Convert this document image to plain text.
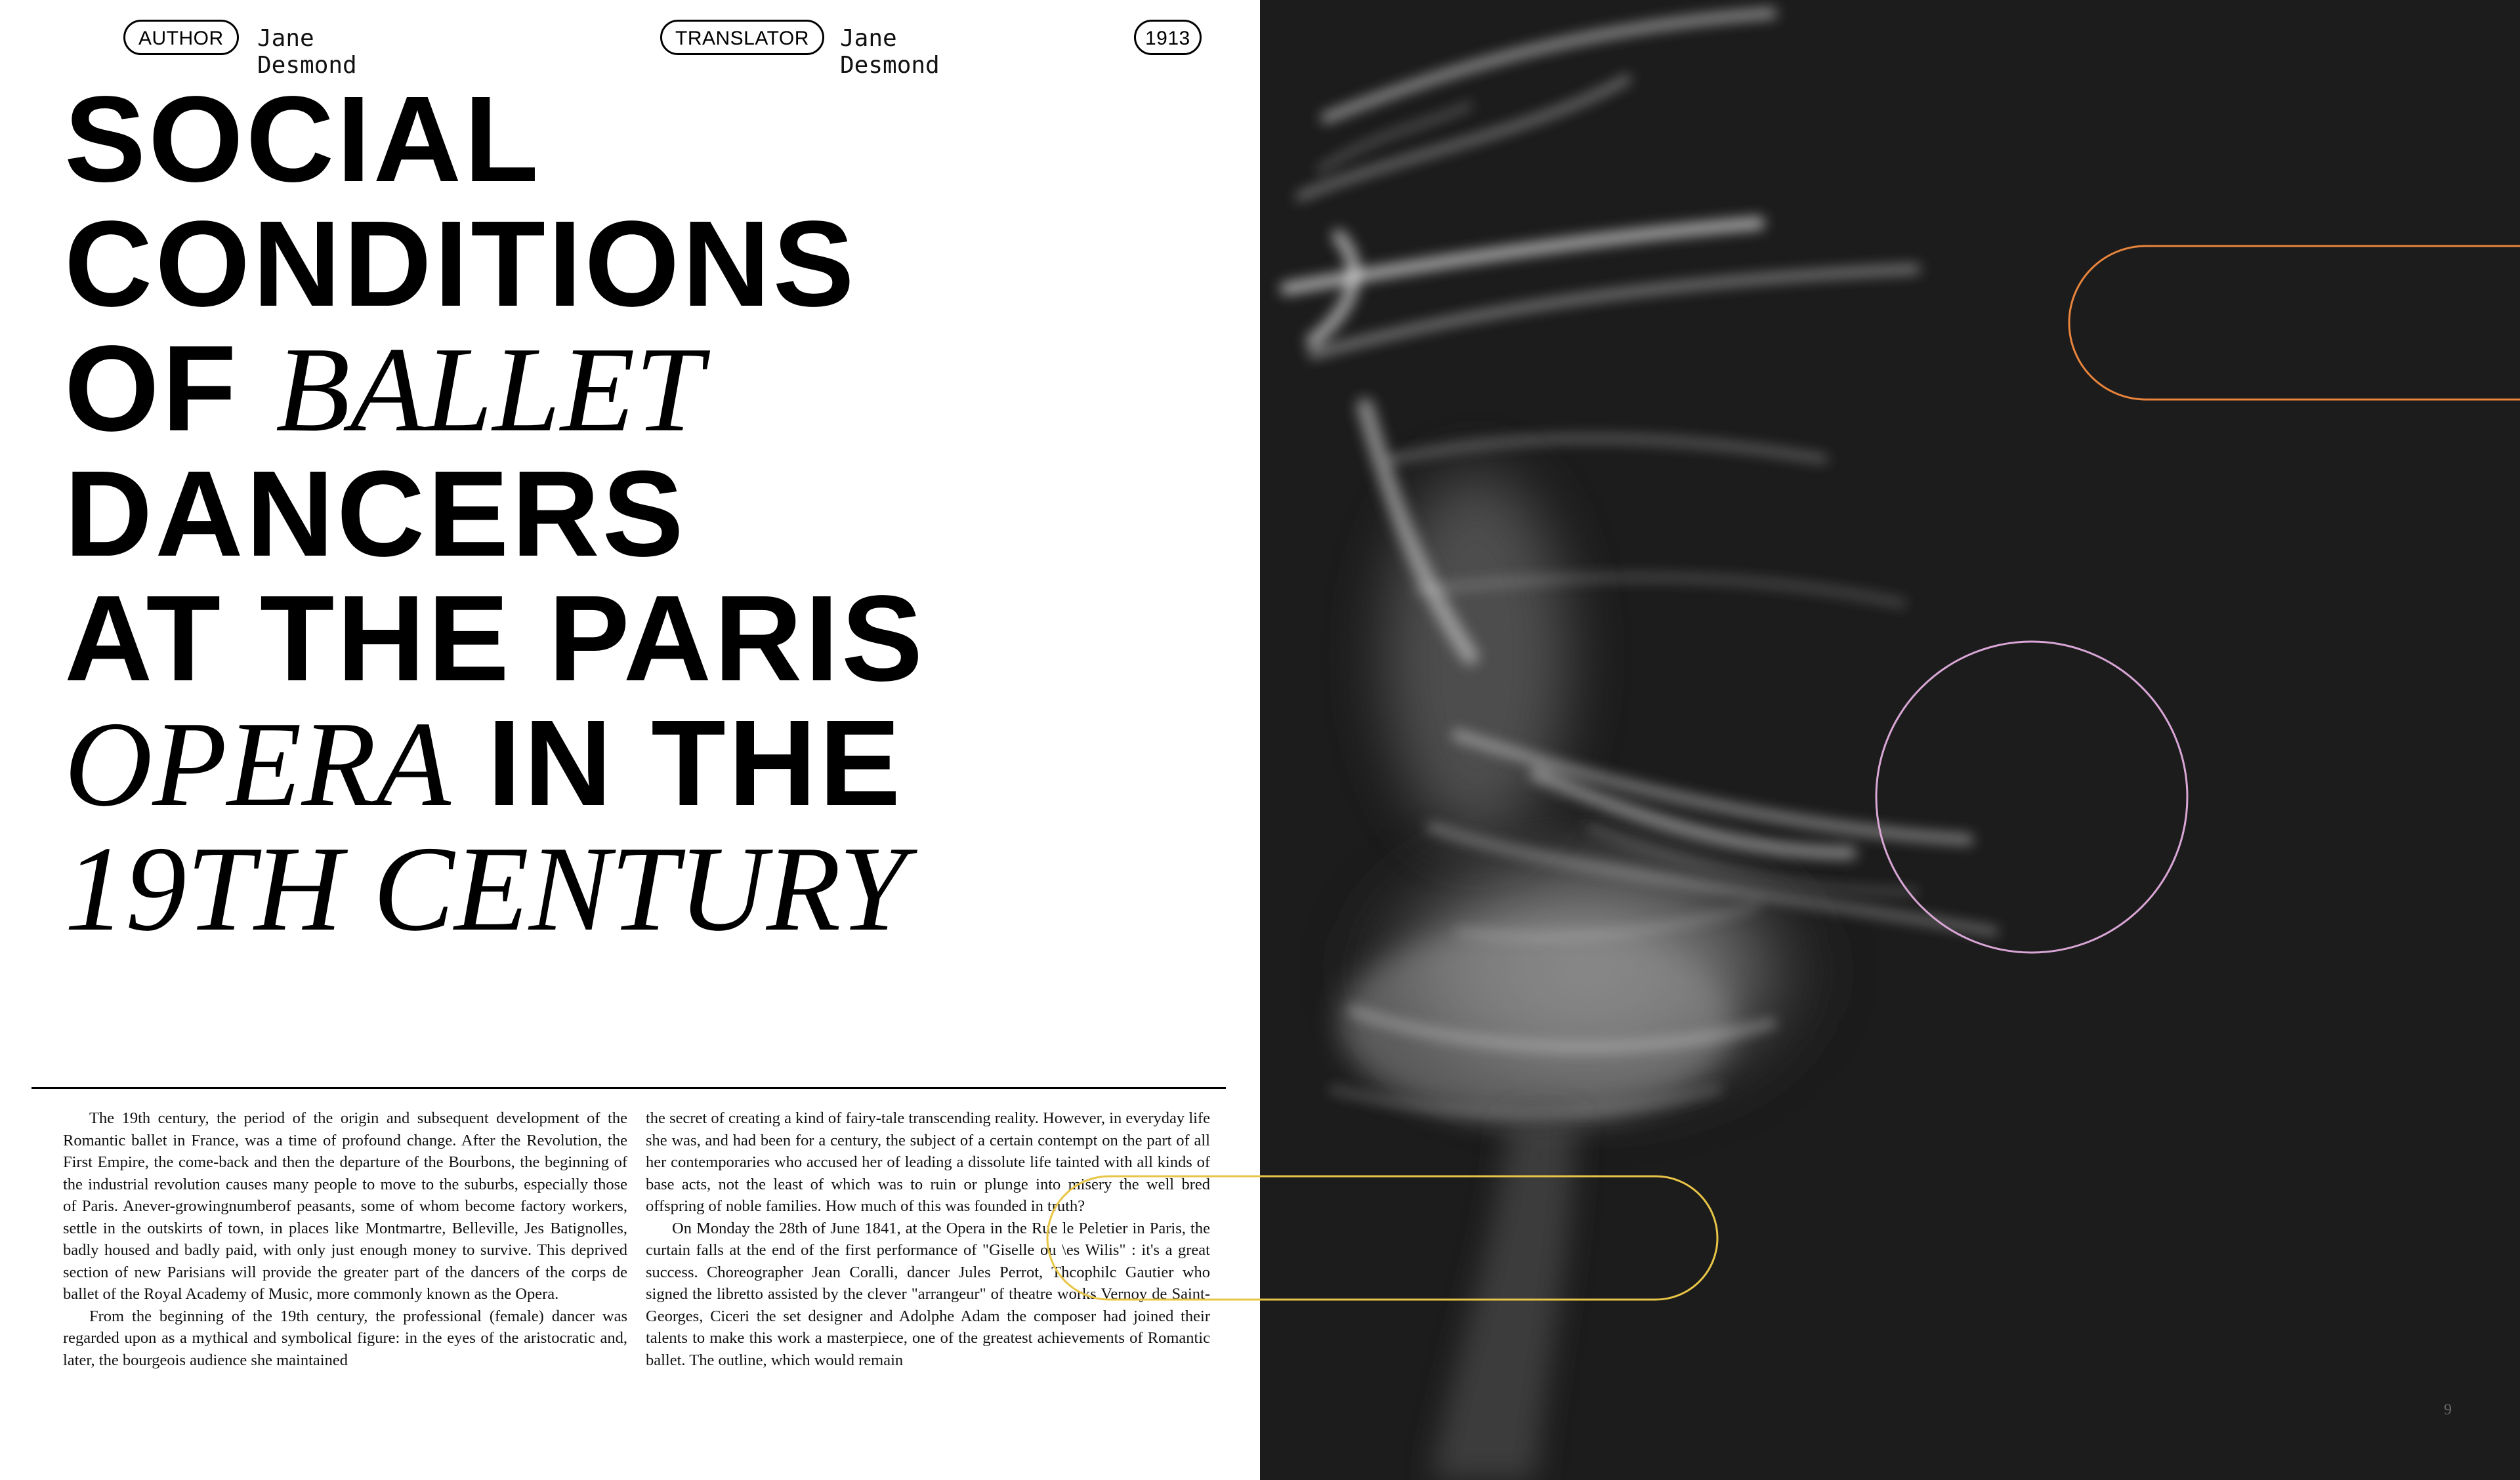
AUTHOR	Jane Desmond
TRANSLATOR	Jane Desmond
1913
SOCIAL
CONDITIONS
OF BALLET
DANCERS
AT THE PARIS
OPERA IN THE
19TH CENTURY

The 19th century, the period of the origin and subsequent development of the Romantic ballet in France, was a time of profound change. After the Revolution, the First Empire, the come-back and then the departure of the Bourbons, the beginning of the industrial revolution causes many people to move to the suburbs, especially those of Paris. Anever-growingnumberof peasants, some of whom become factory workers, settle in the outskirts of town, in places like Montmartre, Belleville, Jes Batignolles, badly housed and badly paid, with only just enough money to survive. This deprived section of new Parisians will provide the greater part of the dancers of the corps de ballet of the Royal Academy of Music, more commonly known as the Opera.

From the beginning of the 19th century, the professional (female) dancer was regarded upon as a mythical and symbolical figure: in the eyes of the aristocratic and, later, the bourgeois audience she maintained

the secret of creating a kind of fairy-tale transcending reality. However, in everyday life she was, and had been for a century, the subject of a certain contempt on the part of all her contemporaries who accused her of leading a dissolute life tainted with all kinds of base acts, not the least of which was to ruin or plunge into misery the well bred offspring of noble families. How much of this was founded in truth?

On Monday the 28th of June 1841, at the Opera in the Rue le Peletier in Paris, the curtain falls at the end of the first performance of "Giselle ou \es Wilis" : it's a great success. Choreographer Jean Coralli, dancer Jules Perrot, Thcophilc Gautier who signed the libretto assisted by the clever "arrangeur" of theatre works Vernoy de Saint-Georges, Ciceri the set designer and Adolphe Adam the composer had joined their talents to make this work a masterpiece, one of the greatest achievements of Romantic ballet. The outline, which would remain

9
